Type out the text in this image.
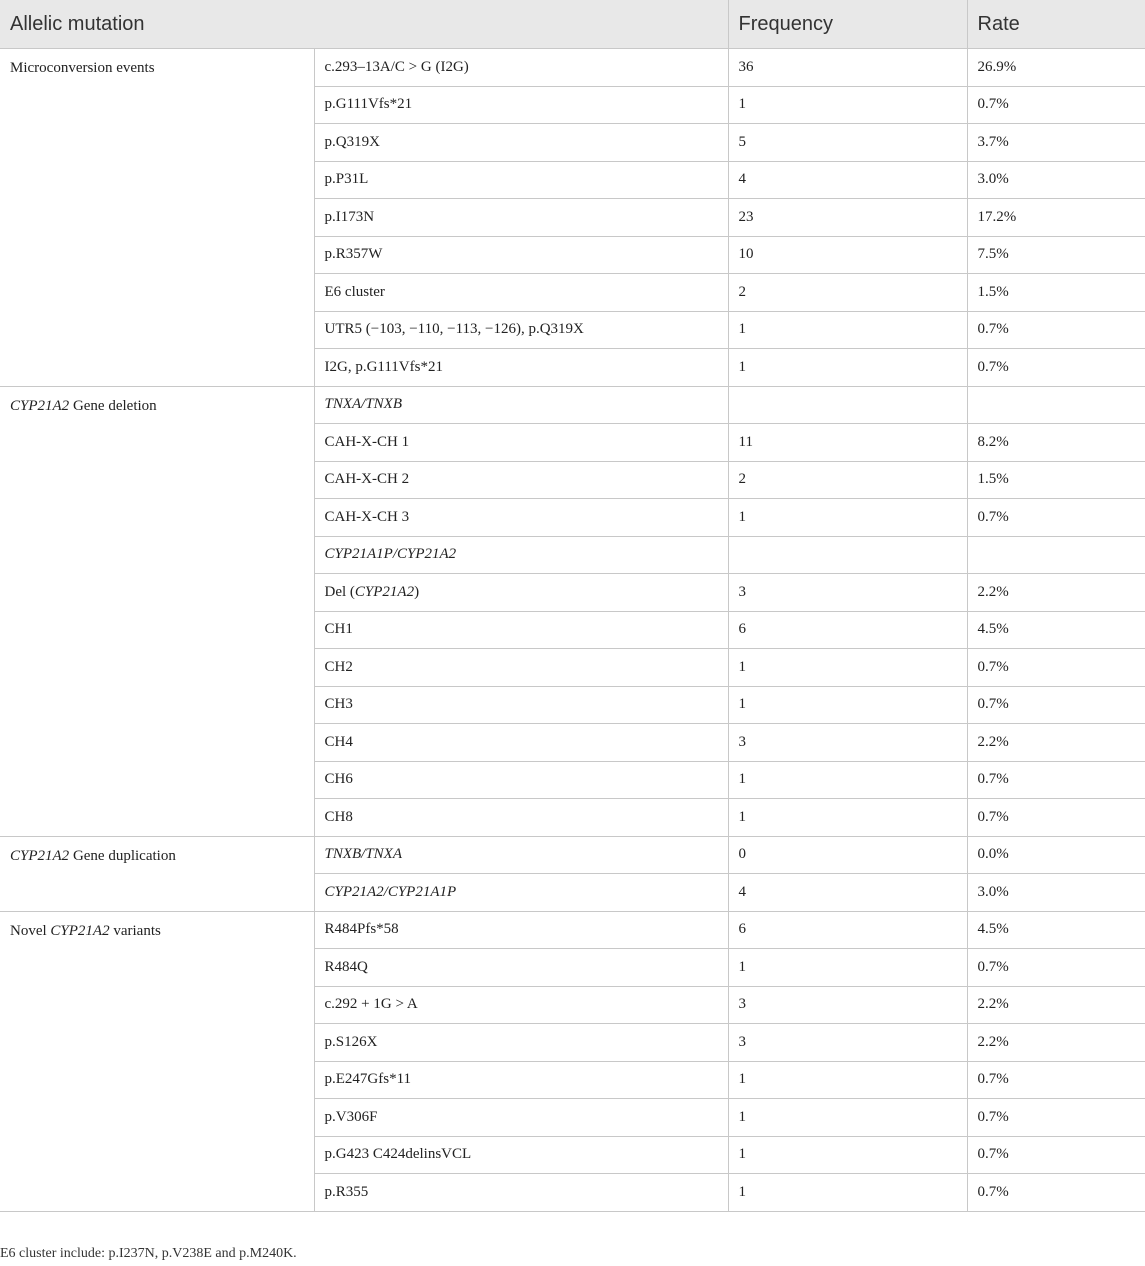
Allelic mutation		Frequency	Rate
Microconversion events	c.293–13A/C > G (I2G)	36	26.9%
	p.G111Vfs*21	1	0.7%
	p.Q319X	5	3.7%
	p.P31L	4	3.0%
	p.I173N	23	17.2%
	p.R357W	10	7.5%
	E6 cluster	2	1.5%
	UTR5 (−103, −110, −113, −126), p.Q319X	1	0.7%
	I2G, p.G111Vfs*21	1	0.7%
CYP21A2 Gene deletion	TNXA/TNXB		
	CAH-X-CH 1	11	8.2%
	CAH-X-CH 2	2	1.5%
	CAH-X-CH 3	1	0.7%
	CYP21A1P/CYP21A2		
	Del (CYP21A2)	3	2.2%
	CH1	6	4.5%
	CH2	1	0.7%
	CH3	1	0.7%
	CH4	3	2.2%
	CH6	1	0.7%
	CH8	1	0.7%
CYP21A2 Gene duplication	TNXB/TNXA	0	0.0%
	CYP21A2/CYP21A1P	4	3.0%
Novel CYP21A2 variants	R484Pfs*58	6	4.5%
	R484Q	1	0.7%
	c.292 + 1G > A	3	2.2%
	p.S126X	3	2.2%
	p.E247Gfs*11	1	0.7%
	p.V306F	1	0.7%
	p.G423 C424delinsVCL	1	0.7%
	p.R355	1	0.7%
E6 cluster include: p.I237N, p.V238E and p.M240K.
